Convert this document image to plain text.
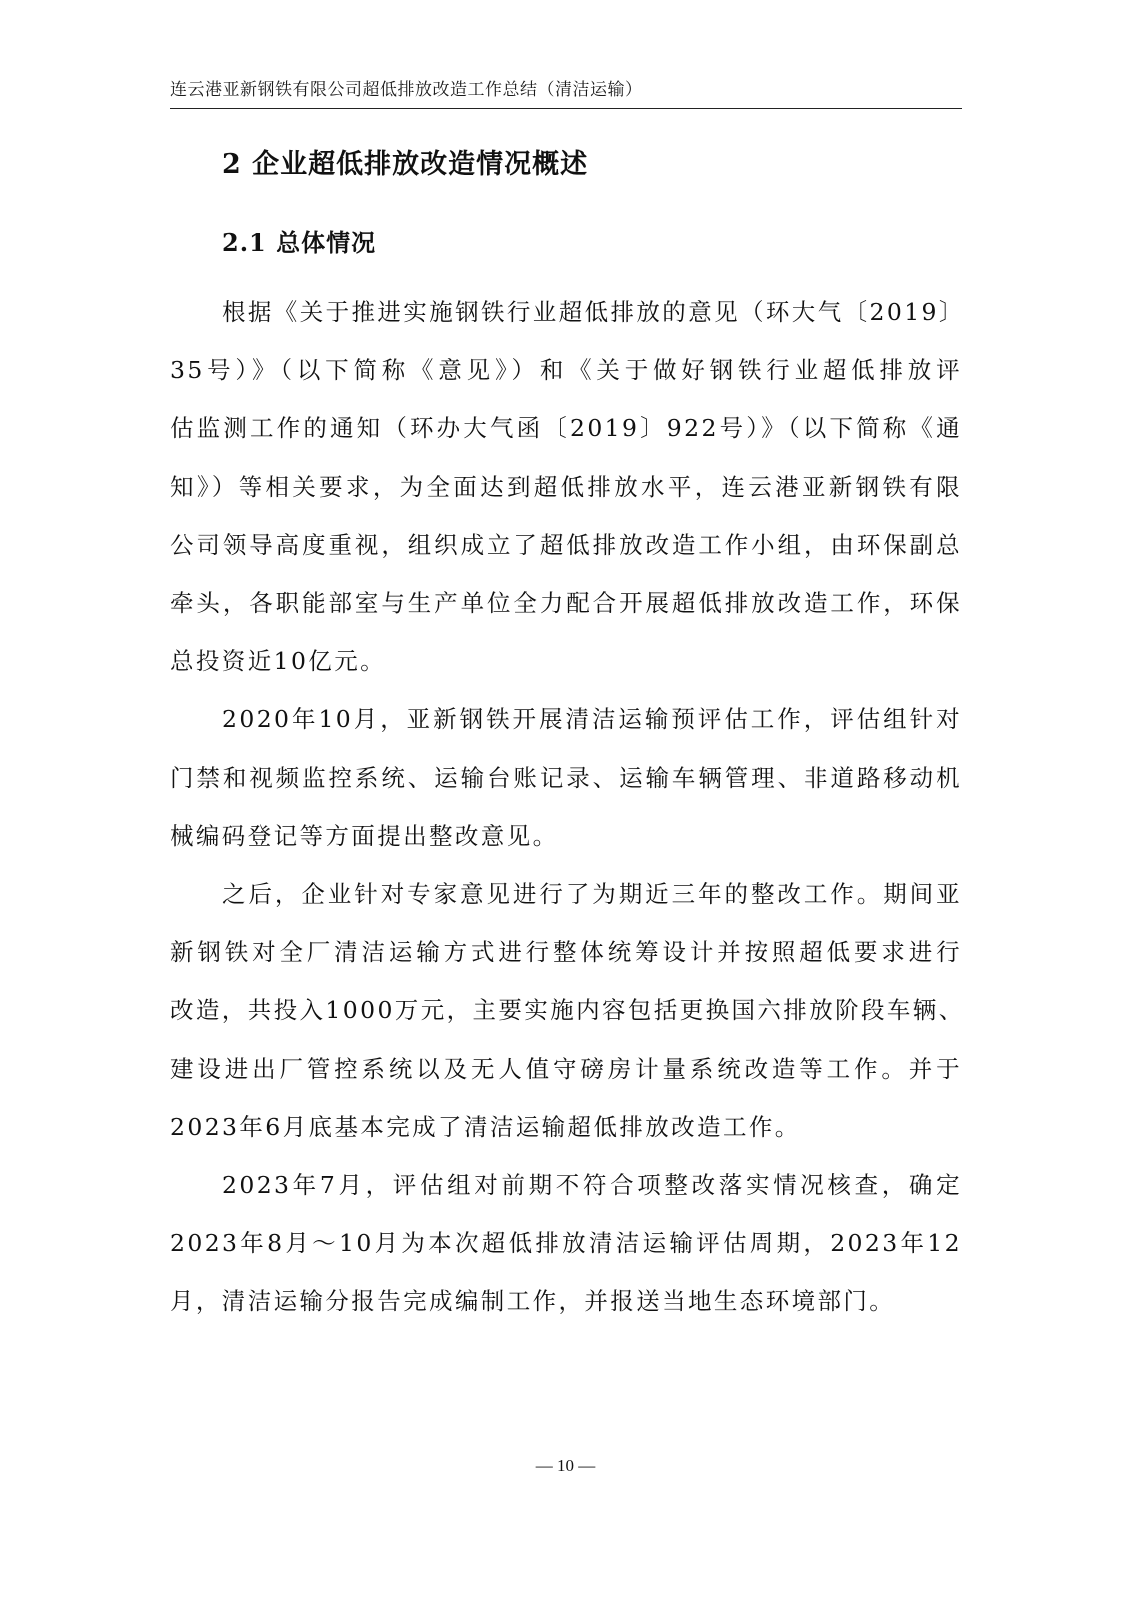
连云港亚新钢铁有限公司超低排放改造工作总结（清洁运输）
2 企业超低排放改造情况概述
2.1 总体情况

根据《关于推进实施钢铁行业超低排放的意见（环大气〔2019〕
35号）》（以下简称《意见》）和《关于做好钢铁行业超低排放评
估监测工作的通知（环办大气函〔2019〕922号）》（以下简称《通
知》）等相关要求，为全面达到超低排放水平，连云港亚新钢铁有限
公司领导高度重视，组织成立了超低排放改造工作小组，由环保副总
牵头，各职能部室与生产单位全力配合开展超低排放改造工作，环保
总投资近10亿元。

2020年10月，亚新钢铁开展清洁运输预评估工作，评估组针对
门禁和视频监控系统、运输台账记录、运输车辆管理、非道路移动机
械编码登记等方面提出整改意见。

之后，企业针对专家意见进行了为期近三年的整改工作。期间亚
新钢铁对全厂清洁运输方式进行整体统筹设计并按照超低要求进行
改造，共投入1000万元，主要实施内容包括更换国六排放阶段车辆、
建设进出厂管控系统以及无人值守磅房计量系统改造等工作。并于
2023年6月底基本完成了清洁运输超低排放改造工作。

2023年7月，评估组对前期不符合项整改落实情况核查，确定
2023年8月～10月为本次超低排放清洁运输评估周期，2023年12
月，清洁运输分报告完成编制工作，并报送当地生态环境部门。

— 10 —
